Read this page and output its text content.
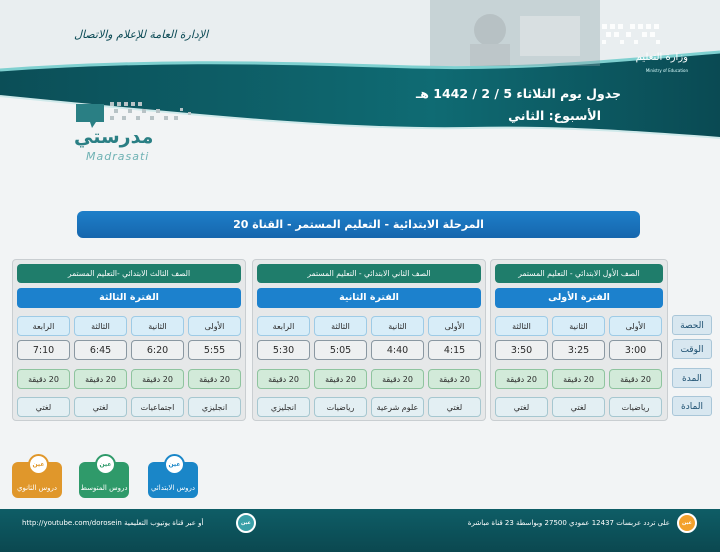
وزارة التعليم
Ministry of Education
الإدارة العامة للإعلام والاتصال
جدول يوم الثلاثاء 5 / 2 / 1442 هـ
الأسبوع: الثاني
مدرستي
Madrasati
المرحلة الابتدائية - التعليم المستمر - القناة 20
الحصة
الوقت
المدة
المادة
الصف الأول الابتدائي - التعليم المستمر
الفترة الأولى
الأولى
الثانية
الثالثة
3:00
3:25
3:50
20 دقيقة
20 دقيقة
20 دقيقة
رياضيات
لغتي
لغتي
الصف الثاني الابتدائي - التعليم المستمر
الفترة الثانية
الأولى
الثانية
الثالثة
الرابعة
4:15
4:40
5:05
5:30
20 دقيقة
20 دقيقة
20 دقيقة
20 دقيقة
لغتي
علوم شرعية
رياضيات
انجليزي
الصف الثالث الابتدائي -التعليم المستمر
الفترة الثالثة
الأولى
الثانية
الثالثة
الرابعة
5:55
6:20
6:45
7:10
20 دقيقة
20 دقيقة
20 دقيقة
20 دقيقة
انجليزي
اجتماعيات
لغتي
لغتي
عين
دروس الابتدائي
عين
دروس المتوسط
عين
دروس الثانوي
عين
على تردد عربسات 12437 عمودي 27500 وبواسطة 23 قناة مباشرة
عين
http://youtube.com/dorosein أو عبر قناة يوتيوب التعليمية
